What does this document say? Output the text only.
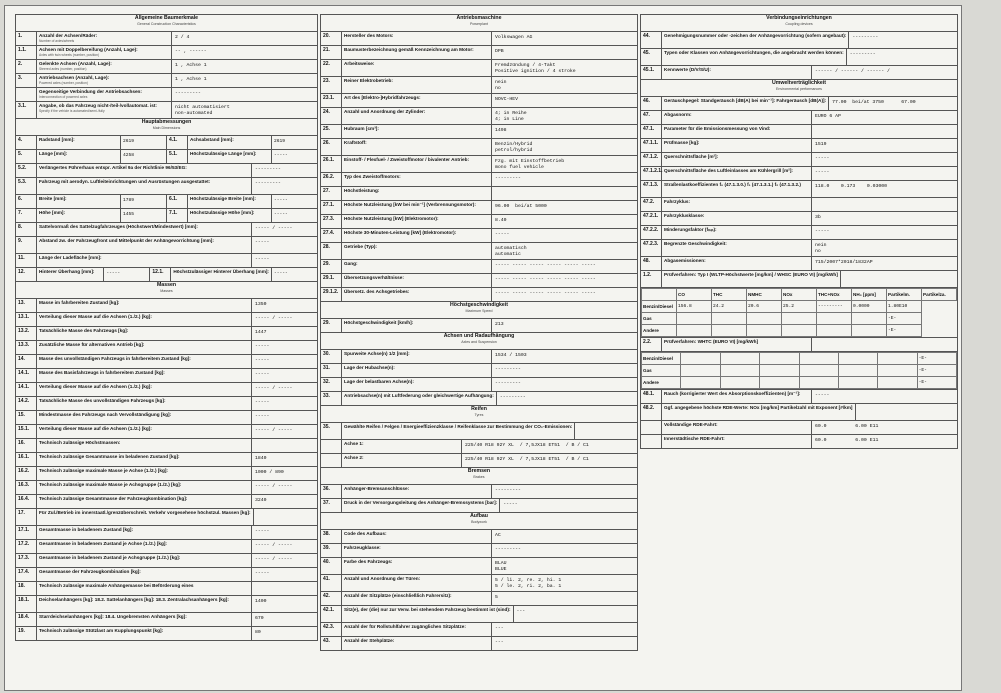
Allgemeine Baumerkmale
General Construction Characteristics
1.	Anzahl der Achsen/Räder:
Number of axles/wheels
2 / 4
1.1.	Achsen mit Doppelbereifung (Anzahl, Lage):
Axles with twin wheels (number, position)
-- , ------
2.	Gelenkte Achsen (Anzahl, Lage):
Steered axles (number, position)
1 , Achse 1
3.	Antriebsachsen (Anzahl, Lage):
Powered axles (number, position)
1 , Achse 1
Gegenseitige Verbindung der Antriebsachsen:
Interconnection of powered axles
---------
3.1.	Angabe, ob das Fahrzeug nicht-/teil-/vollautomat. ist:
Specify if the vehicle is automated/semi-/fully
nicht automatisiert
non-automated
Hauptabmessungen
Main Dimensions
4.	Radstand [mm]:	2619	4.1.	Achsabstand [mm]:	2619
5.	Länge [mm]:	4258	5.1.	Höchstzulässige Länge [mm]:	-----
5.2.	Verlängertes Führerhaus entspr. Artikel 9a der Richtlinie 96/53/EG:	---------
5.3.	Fahrzeug mit aerodyn. Luftleiteinrichtungen und Ausrüstungen ausgestattet:	---------
6.	Breite [mm]:	1789	6.1.	Höchstzulässige Breite [mm]:	-----
7.	Höhe [mm]:	1455	7.1.	Höchstzulässige Höhe [mm]:	-----
8.	Sattelvormaß des Sattelzugfahrzeuges (Höchstwert/Mindestwert) [mm]:	----- / -----
9.	Abstand zw. der Fahrzeugfront und Mittelpunkt der Anhängevorrichtung [mm]:	-----
11.	Länge der Ladefläche [mm]:	-----
12.	Hinterer Überhang [mm]:	-----	12.1.	Höchstzulässiger Hinterer Überhang [mm]:	-----
Massen
Masses
13.	Masse im fahrbereiten Zustand [kg]:	1350
13.1.	Verteilung dieser Masse auf die Achsen (1./2.) [kg]:	----- / -----
13.2.	Tatsächliche Masse des Fahrzeugs [kg]:	1447
13.3.	Zusätzliche Masse für alternativen Antrieb [kg]:	-----
14.	Masse des unvollständigen Fahrzeugs in fahrbereitem Zustand [kg]:	-----
14.1.	Masse des Basisfahrzeugs in fahrbereitem Zustand [kg]:	-----
14.1.	Verteilung dieser Masse auf die Achsen (1./2.) [kg]:	----- / -----
14.2.	Tatsächliche Masse des unvollständigen Fahrzeugs [kg]:	-----
15.	Mindestmasse des Fahrzeugs nach Vervollständigung [kg]:	-----
15.1.	Verteilung dieser Masse auf die Achsen (1./2.) [kg]:	----- / -----
16.	Technisch zulässige Höchstmassen:
16.1.	Technisch zulässige Gesamtmasse im beladenen Zustand [kg]:	1840
16.2.	Technisch zulässige maximale Masse je Achse (1./2.) [kg]:	1000 / 890
16.3.	Technisch zulässige maximale Masse je Achsgruppe (1./2.) [kg]:	----- / -----
16.4.	Technisch zulässige Gesamtmasse der Fahrzeugkombination [kg]:	3240
17.	Für Zul./Betrieb im innerstaatl./grenzüberschreit. Verkehr vorgesehene höchstzul. Massen [kg]:
17.1.	Gesamtmasse in beladenem Zustand [kg]:	-----
17.2.	Gesamtmasse in beladenem Zustand je Achse (1./2.) [kg]:	----- / -----
17.3.	Gesamtmasse in beladenem Zustand je Achsgruppe (1./2.) [kg]:	----- / -----
17.4.	Gesamtmasse der Fahrzeugkombination [kg]:	-----
18.	Technisch zulässige maximale Anhängemasse bei Beförderung eines
18.1.	Deichselanhängers [kg]: 18.2. Sattelanhängers [kg]: 18.3. Zentralachsanhängers [kg]:	1400
18.4.	Starrdeichselanhängers [kg]: 18.4. Ungebremsten Anhängers [kg]:	670
19.	Technisch zulässige Stützlast am Kupplungspunkt [kg]:	80
Antriebsmaschine
Powerplant
20.	Hersteller des Motors:	Volkswagen AG
21.	Baumusterbezeichnung gemäß Kennzeichnung am Motor:	DPB
22.	Arbeitsweise:	Fremdzündung / 4-Takt
Positive ignition / 4 stroke
23.	Reiner Elektrobetrieb:	nein
no
23.1.	Art des [Elektro-]Hybridfahrzeugs:	NOVC-HEV
24.	Anzahl und Anordnung der Zylinder:	4; in Reihe
4; in Line
25.	Hubraum [cm³]:	1498
26.	Kraftstoff:	Benzin/Hybrid
petrol/hybrid
26.1.	Einstoff- / Flexfuel- / Zweistoffmotor / bivalenter Antrieb:	Fzg. mit Einstoffbetrieb
mono fuel vehicle
26.2.	Typ des Zweistoffmotors:	---------
27.	Höchstleistung:
27.1.	Höchste Nutzleistung [kW bei min⁻¹] (Verbrennungsmotor):	96.00  bei/at 5000
27.3.	Höchste Nutzleistung [kW] (Elektromotor):	8.40
27.4.	Höchste 30-Minuten-Leistung [kW] (Elektromotor):	-----
28.	Getriebe (Typ):	automatisch
automatic
29.	Gang:	----- ----- ----- ----- ----- -----
29.1.	Übersetzungsverhältnisse:	----- ----- ----- ----- ----- -----
29.1.2.	Übersetz. des Achsgetriebes:	----- ----- ----- ----- ----- -----
Höchstgeschwindigkeit
Maximum Speed
29.	Höchstgeschwindigkeit [km/h]:	213
Achsen und Radaufhängung
Axles and Suspension
30.	Spurweite Achse(n) 1/2 [mm]:	1534 / 1503
31.	Lage der Hubachse(n):	---------
32.	Lage der belastbaren Achse(n):	---------
33.	Antriebsachse(n) mit Luftfederung oder gleichwertige Aufhängung:	---------
Reifen
Tyres
35.	Gewählte Reifen / Felgen / Energieeffizienzklasse / Reifenklasse zur Bestimmung der CO₂-Emissionen:
Achse 1:	225/40 R18 92Y XL  / 7,5JX18 ET51  / B / C1
Achse 2:	225/40 R18 92Y XL  / 7,5JX18 ET51  / B / C1
Bremsen
Brakes
36.	Anhänger-Bremsanschlüsse:	---------
37.	Druck in der Versorgungsleitung des Anhänger-Bremssystems [bar]:	-----
Aufbau
Bodywork
38.	Code des Aufbaus:	AC
39.	Fahrzeugklasse:	---------
40.	Farbe des Fahrzeugs:	BLAU
BLUE
41.	Anzahl und Anordnung der Türen:	5 / li. 2, re. 2, hi. 1
5 / le. 2, ri. 2, ba. 1
42.	Anzahl der Sitzplätze (einschließlich Fahrersitz):	5
42.1.	Sitz(e), der (die) nur zur Verw. bei stehendem Fahrzeug bestimmt ist (sind):	---
42.3.	Anzahl der für Rollstuhlfahrer zugänglichen Sitzplätze:	---
43.	Anzahl der Stehplätze:	---
Verbindungseinrichtungen
Coupling devices
44.	Genehmigungsnummer oder -zeichen der Anhängevorrichtung (sofern angebaut):	---------
45.	Typen oder Klassen von Anhängevorrichtungen, die angebracht werden können:	---------
45.1.	Kennwerte (D/V/S/U):	------ / ------ / ------ /
Umweltverträglichkeit
Environmental performances
46.	Geräuschpegel: Standgeräusch [dB(A) bei min⁻¹]: Fahrgeräusch [dB(A)]:	77.00  bei/at 3750      67.00
47.	Abgasnorm:	EURO 6 AP
47.1.	Parameter für die Emissionsmessung von Vind:
47.1.1.	Prüfmasse [kg]:	1519
47.1.2.	Querschnittsfläche [m²]:	-----
47.1.2.1. Querschnittsfläche des Luftleinlasses am Kühlergrill [m²]:	-----
47.1.3.	Straßenlastkoeffizienten f₀ (47.1.3.0.) f₁ (47.1.3.1.) f₂ (47.1.3.2.)	118.0    0.173    0.03000
47.2.	Fahrzyklus:
47.2.1.	Fahrzyklusklasse:	3b
47.2.2.	Minderungsfaktor (fₘᵢₙ):	-----
47.2.3.	Begrenzte Geschwindigkeit:	nein
no
48.	Abgasemissionen:	715/2007*2018/1832AP
1.2.	Prüfverfahren: Typ I (WLTP-Höchstwerte [mg/km] / WHSC (EURO VI) [mg/kWh]
	CO	THC	NMHC	NOx	THC+NOx	NH₃ [ppm]	Partikelm.	Partikelza.
Benzin/Diesel	156.8	24.2	20.6	25.2	---------	0.0000	1.80E10	
Gas							-E-	
Andere							-E-	
2.2.	Prüfverfahren: WHTC (EURO VI) [mg/kWh]
Benzin/Diesel							-E-
Gas							-E-
Andere							-E-
48.1.	Rauch (korrigierter Wert des Absorptionskoeffizienten) [m⁻¹]:	-----
48.2.	Ggf. angegebene höchste RDE-Werte: NOx [mg/km] Partikelzahl mit Exponent [#/km]
Vollständige RDE-Fahrt:	60.0          6.00 E11
Innerstädtische RDE-Fahrt:	60.0          6.00 E11
